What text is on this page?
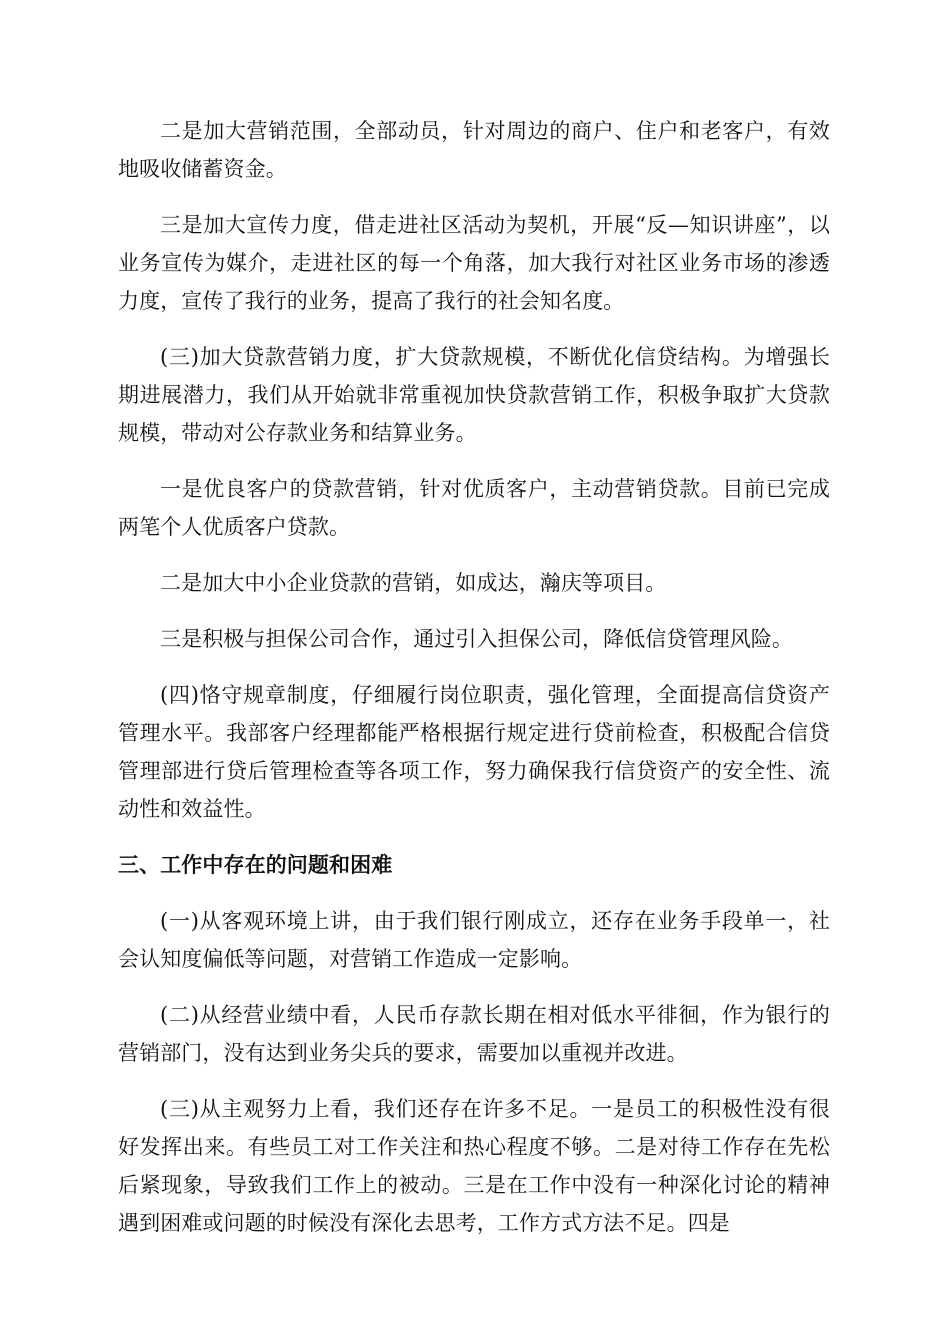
二是加大营销范围，全部动员，针对周边的商户、住户和老客户，有效地吸收储蓄资金。

三是加大宣传力度，借走进社区活动为契机，开展“反—知识讲座”，以业务宣传为媒介，走进社区的每一个角落，加大我行对社区业务市场的渗透力度，宣传了我行的业务，提高了我行的社会知名度。

(三)加大贷款营销力度，扩大贷款规模，不断优化信贷结构。为增强长期进展潜力，我们从开始就非常重视加快贷款营销工作，积极争取扩大贷款规模，带动对公存款业务和结算业务。

一是优良客户的贷款营销，针对优质客户，主动营销贷款。目前已完成两笔个人优质客户贷款。

二是加大中小企业贷款的营销，如成达，瀚庆等项目。

三是积极与担保公司合作，通过引入担保公司，降低信贷管理风险。

(四)恪守规章制度，仔细履行岗位职责，强化管理，全面提高信贷资产管理水平。我部客户经理都能严格根据行规定进行贷前检查，积极配合信贷管理部进行贷后管理检查等各项工作，努力确保我行信贷资产的安全性、流动性和效益性。

三、工作中存在的问题和困难

(一)从客观环境上讲，由于我们银行刚成立，还存在业务手段单一，社会认知度偏低等问题，对营销工作造成一定影响。

(二)从经营业绩中看，人民币存款长期在相对低水平徘徊，作为银行的营销部门，没有达到业务尖兵的要求，需要加以重视并改进。

(三)从主观努力上看，我们还存在许多不足。一是员工的积极性没有很好发挥出来。有些员工对工作关注和热心程度不够。二是对待工作存在先松后紧现象，导致我们工作上的被动。三是在工作中没有一种深化讨论的精神遇到困难或问题的时候没有深化去思考，工作方式方法不足。四是
